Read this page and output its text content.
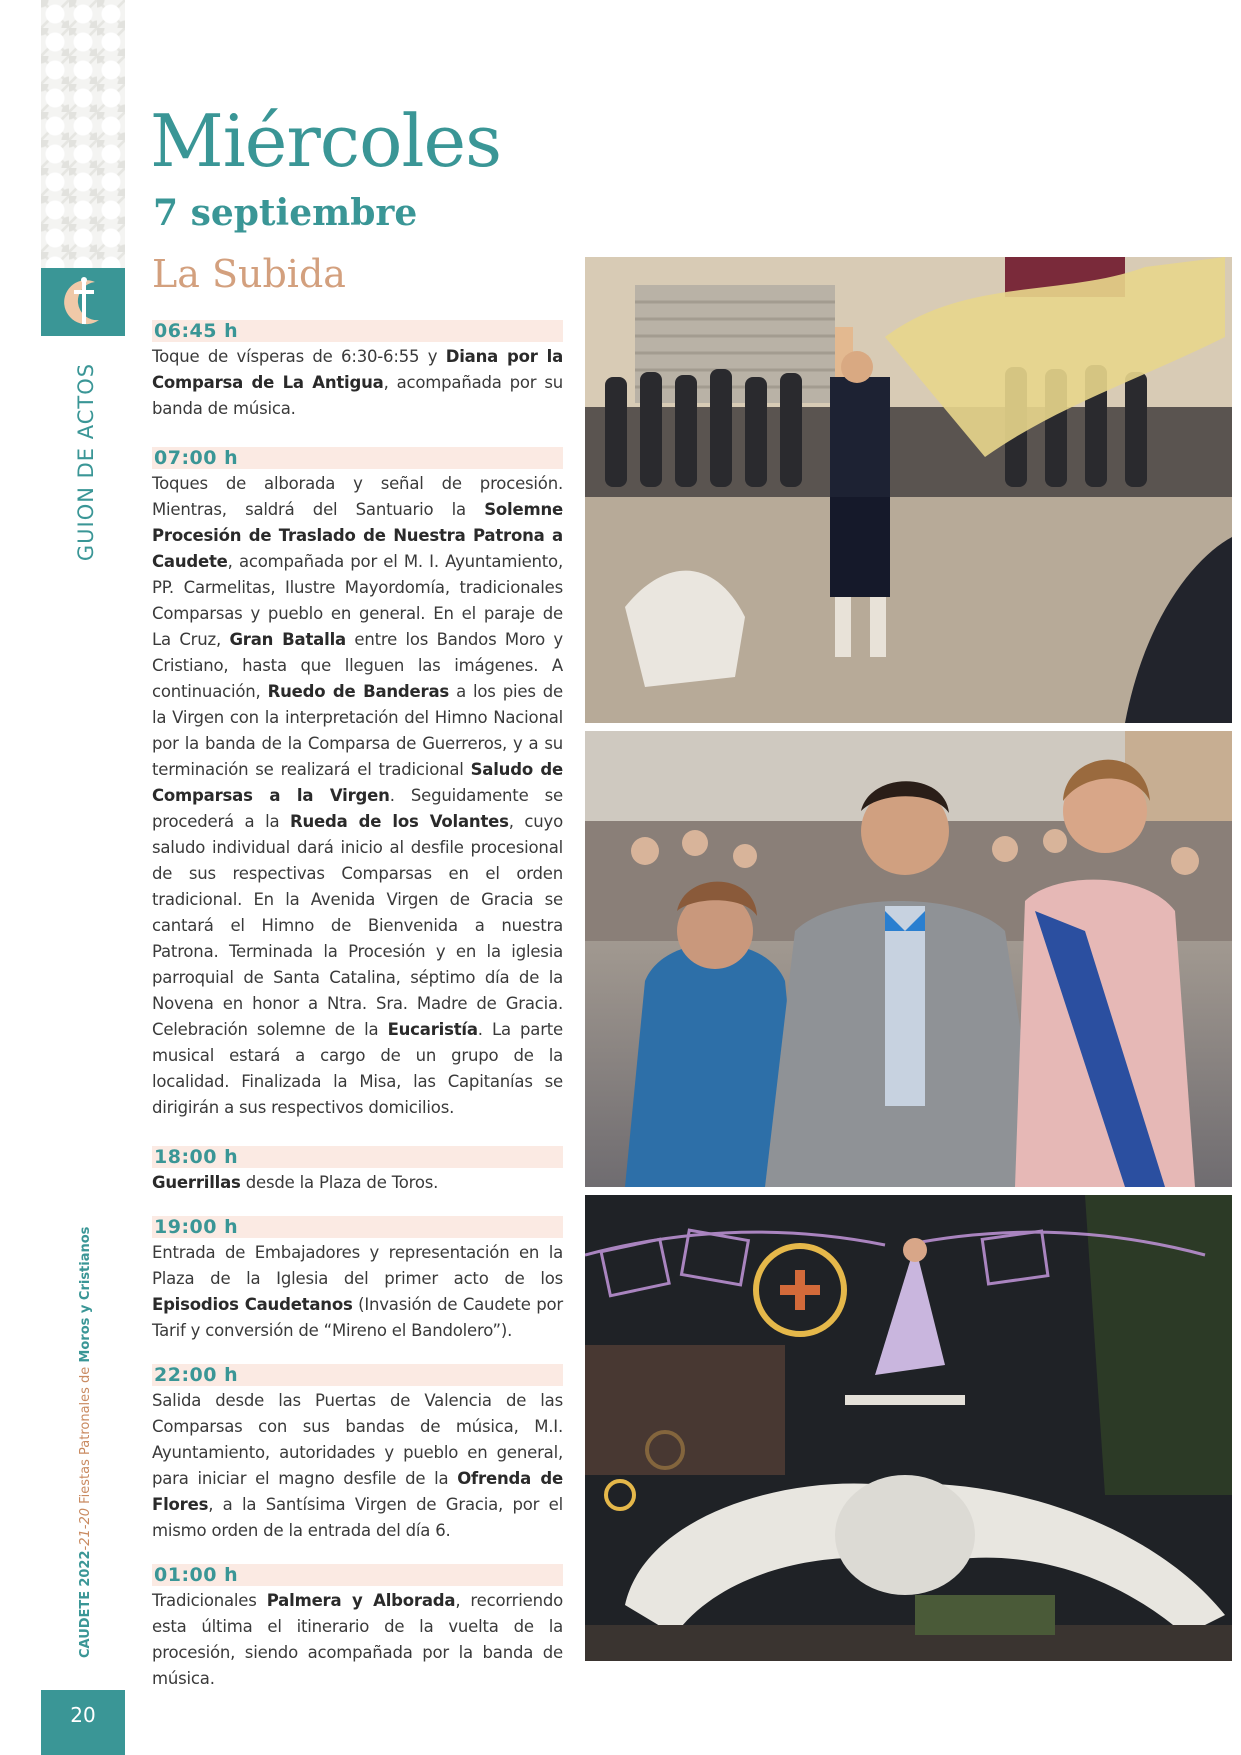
GUION DE ACTOS
CAUDETE 2022-21-20 Fiestas Patronales de Moros y Cristianos
20
Miércoles
7 septiembre
La Subida
06:45 h

Toque de vísperas de 6:30-6:55 y Diana por la Comparsa de La Antigua, acompañada por su banda de música.

07:00 h

Toques de alborada y señal de procesión. Mientras, saldrá del Santuario la Solemne Procesión de Traslado de Nuestra Patrona a Caudete, acompañada por el M. I. Ayuntamiento, PP. Carmelitas, Ilustre Mayordomía, tradicionales Comparsas y pueblo en general. En el paraje de La Cruz, Gran Batalla entre los Bandos Moro y Cristiano, hasta que lleguen las imágenes. A continuación, Ruedo de Banderas a los pies de la Virgen con la interpretación del Himno Nacional por la banda de la Comparsa de Guerreros, y a su terminación se realizará el tradicional Saludo de Comparsas a la Virgen. Seguidamente se procederá a la Rueda de los Volantes, cuyo saludo individual dará inicio al desfile procesional de sus respectivas Comparsas en el orden tradicional. En la Avenida Virgen de Gracia se cantará el Himno de Bienvenida a nuestra Patrona. Terminada la Procesión y en la iglesia parroquial de Santa Catalina, séptimo día de la Novena en honor a Ntra. Sra. Madre de Gracia. Celebración solemne de la Eucaristía. La parte musical estará a cargo de un grupo de la localidad. Finalizada la Misa, las Capitanías se dirigirán a sus respectivos domicilios.

18:00 h

Guerrillas desde la Plaza de Toros.

19:00 h

Entrada de Embajadores y representación en la Plaza de la Iglesia del primer acto de los Episodios Caudetanos (Invasión de Caudete por Tarif y conversión de “Mireno el Bandolero”).

22:00 h

Salida desde las Puertas de Valencia de las Comparsas con sus bandas de música, M.I. Ayuntamiento, autoridades y pueblo en general, para iniciar el magno desfile de la Ofrenda de Flores, a la Santísima Virgen de Gracia, por el mismo orden de la entrada del día 6.

01:00 h

Tradicionales Palmera y Alborada, recorriendo esta última el itinerario de la vuelta de la procesión, siendo acompañada por la banda de música.
